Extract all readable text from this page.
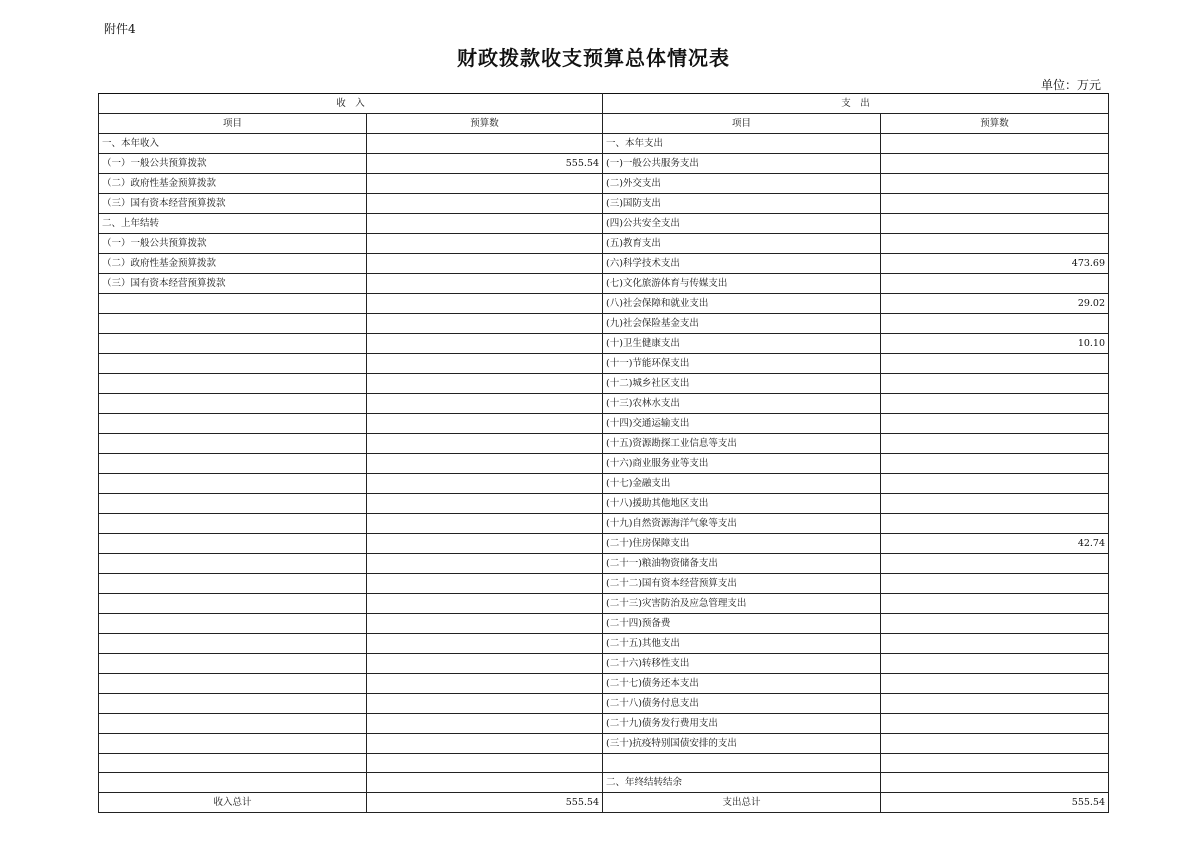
附件4
财政拨款收支预算总体情况表
单位：万元
收　入		支　出	
项目	预算数	项目	预算数
一、本年收入		一、本年支出	
（一）一般公共预算拨款	555.54	(一)一般公共服务支出	
（二）政府性基金预算拨款		(二)外交支出	
（三）国有资本经营预算拨款		(三)国防支出	
二、上年结转		(四)公共安全支出	
（一）一般公共预算拨款		(五)教育支出	
（二）政府性基金预算拨款		(六)科学技术支出	473.69
（三）国有资本经营预算拨款		(七)文化旅游体育与传媒支出	
		(八)社会保障和就业支出	29.02
		(九)社会保险基金支出	
		(十)卫生健康支出	10.10
		(十一)节能环保支出	
		(十二)城乡社区支出	
		(十三)农林水支出	
		(十四)交通运输支出	
		(十五)资源勘探工业信息等支出	
		(十六)商业服务业等支出	
		(十七)金融支出	
		(十八)援助其他地区支出	
		(十九)自然资源海洋气象等支出	
		(二十)住房保障支出	42.74
		(二十一)粮油物资储备支出	
		(二十二)国有资本经营预算支出	
		(二十三)灾害防治及应急管理支出	
		(二十四)预备费	
		(二十五)其他支出	
		(二十六)转移性支出	
		(二十七)债务还本支出	
		(二十八)债务付息支出	
		(二十九)债务发行费用支出	
		(三十)抗疫特别国债安排的支出	

		二、年终结转结余	
收入总计	555.54	支出总计	555.54
